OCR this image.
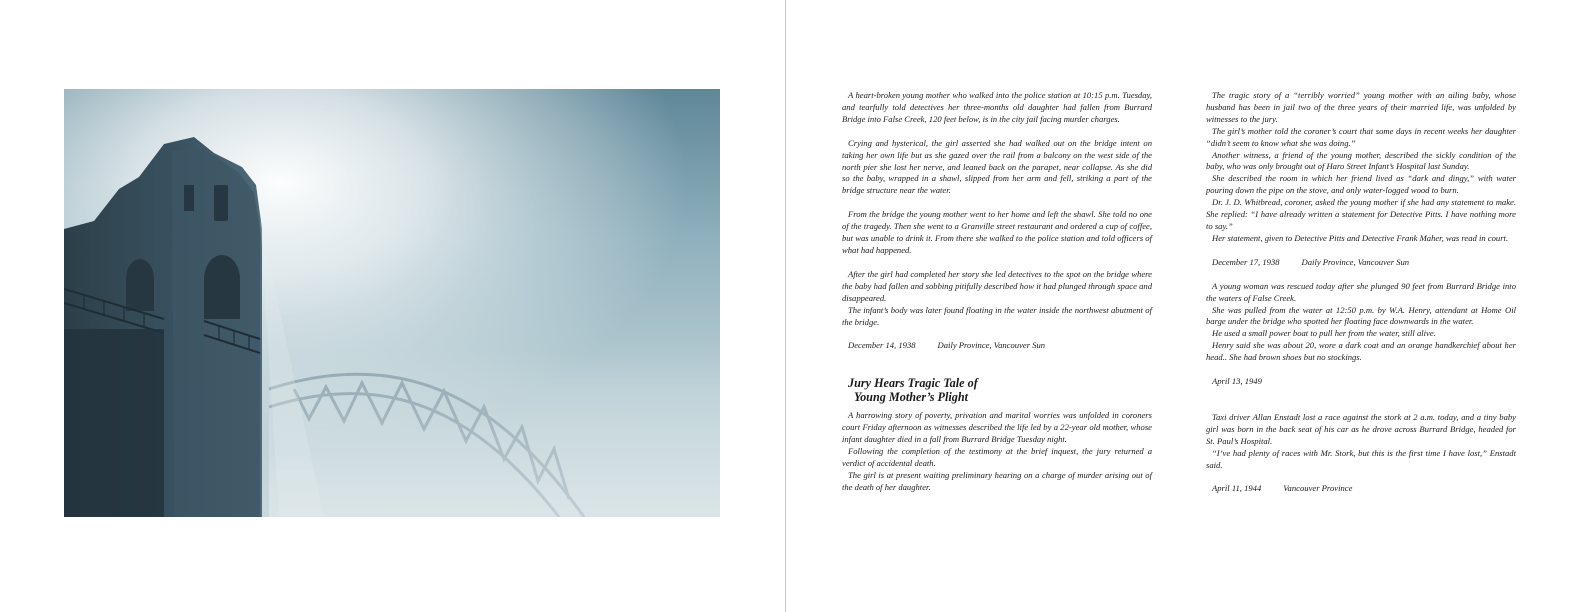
A heart-broken young mother who walked into the police station at 10:15 p.m. Tuesday, and tearfully told detectives her three-months old daughter had fallen from Burrard Bridge into False Creek, 120 feet below, is in the city jail facing murder charges.

Crying and hysterical, the girl asserted she had walked out on the bridge intent on taking her own life but as she gazed over the rail from a balcony on the west side of the north pier she lost her nerve, and leaned back on the parapet, near collapse. As she did so the baby, wrapped in a shawl, slipped from her arm and fell, striking a part of the bridge structure near the water.

From the bridge the young mother went to her home and left the shawl. She told no one of the tragedy. Then she went to a Granville street restaurant and ordered a cup of coffee, but was unable to drink it. From there she walked to the police station and told officers of what had happened.

After the girl had completed her story she led detectives to the spot on the bridge where the baby had fallen and sobbing pitifully described how it had plunged through space and disappeared.

The infant’s body was later found floating in the water inside the northwest abutment of the bridge.

December 14, 1938	Daily Province, Vancouver Sun
Jury Hears Tragic Tale of
Young Mother’s Plight

A harrowing story of poverty, privation and marital worries was unfolded in coroners court Friday afternoon as witnesses described the life led by a 22-year old mother, whose infant daughter died in a fall from Burrard Bridge Tuesday night.

Following the completion of the testimony at the brief inquest, the jury returned a verdict of accidental death.

The girl is at present waiting preliminary hearing on a charge of murder arising out of the death of her daughter.

The tragic story of a “terribly worried” young mother with an ailing baby, whose husband has been in jail two of the three years of their married life, was unfolded by witnesses to the jury.

The girl’s mother told the coroner’s court that some days in recent weeks her daughter “didn’t seem to know what she was doing.”

Another witness, a friend of the young mother, described the sickly condition of the baby, who was only brought out of Haro Street Infant’s Hospital last Sunday.

She described the room in which her friend lived as “dark and dingy,” with water pouring down the pipe on the stove, and only water-logged wood to burn.

Dr. J. D. Whitbread, coroner, asked the young mother if she had any statement to make. She replied: “I have already written a statement for Detective Pitts. I have nothing more to say.”

Her statement, given to Detective Pitts and Detective Frank Maher, was read in court.

December 17, 1938	Daily Province, Vancouver Sun

A young woman was rescued today after she plunged 90 feet from Burrard Bridge into the waters of False Creek.

She was pulled from the water at 12:50 p.m. by W.A. Henry, attendant at Home Oil barge under the bridge who spotted her floating face downwards in the water.

He used a small power boat to pull her from the water, still alive.

Henry said she was about 20, wore a dark coat and an orange handkerchief about her head.. She had brown shoes but no stockings.

April 13, 1949

Taxi driver Allan Enstadt lost a race against the stork at 2 a.m. today, and a tiny baby girl was born in the back seat of his car as he drove across Burrard Bridge, headed for St. Paul’s Hospital.

“I’ve had plenty of races with Mr. Stork, but this is the first time I have lost,” Enstadt said.

April 11, 1944	Vancouver Province
